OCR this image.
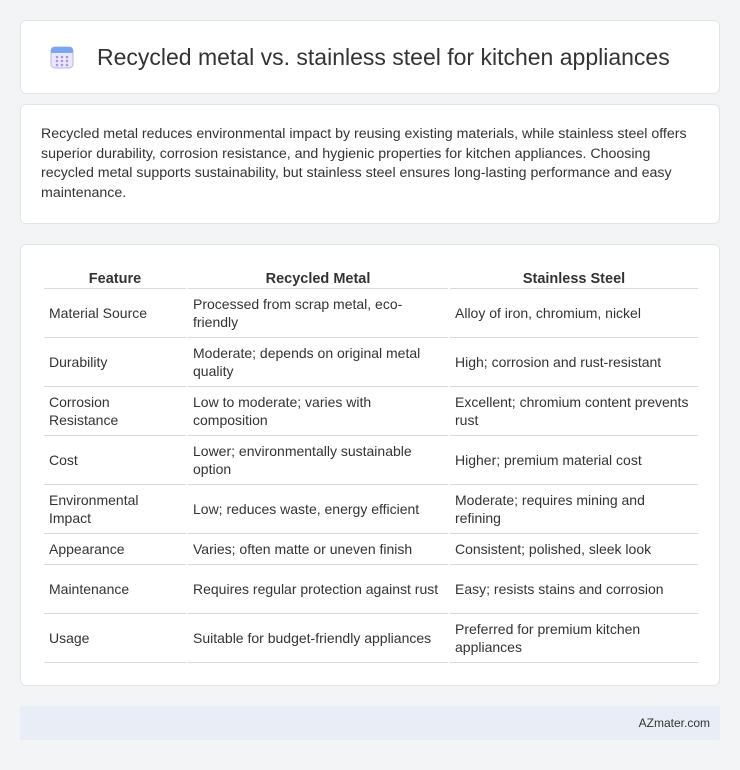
Recycled metal vs. stainless steel for kitchen appliances

Recycled metal reduces environmental impact by reusing existing materials, while stainless steel offers superior durability, corrosion resistance, and hygienic properties for kitchen appliances. Choosing recycled metal supports sustainability, but stainless steel ensures long-lasting performance and easy maintenance.

Feature	Recycled Metal	Stainless Steel
Material Source	Processed from scrap metal, eco-friendly	Alloy of iron, chromium, nickel
Durability	Moderate; depends on original metal quality	High; corrosion and rust-resistant
Corrosion Resistance	Low to moderate; varies with composition	Excellent; chromium content prevents rust
Cost	Lower; environmentally sustainable option	Higher; premium material cost
Environmental Impact	Low; reduces waste, energy efficient	Moderate; requires mining and refining
Appearance	Varies; often matte or uneven finish	Consistent; polished, sleek look
Maintenance	Requires regular protection against rust	Easy; resists stains and corrosion
Usage	Suitable for budget-friendly appliances	Preferred for premium kitchen appliances
AZmater.com
